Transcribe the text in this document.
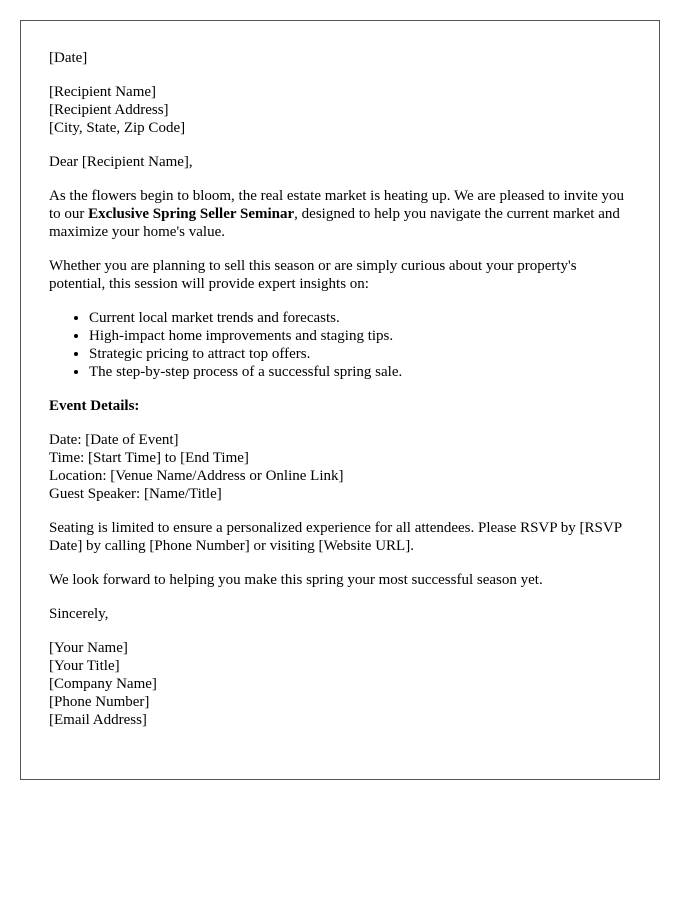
[Date]

[Recipient Name]
[Recipient Address]
[City, State, Zip Code]

Dear [Recipient Name],

As the flowers begin to bloom, the real estate market is heating up. We are pleased to invite you to our Exclusive Spring Seller Seminar, designed to help you navigate the current market and maximize your home's value.

Whether you are planning to sell this season or are simply curious about your property's potential, this session will provide expert insights on:

• Current local market trends and forecasts.
• High-impact home improvements and staging tips.
• Strategic pricing to attract top offers.
• The step-by-step process of a successful spring sale.

Event Details:

Date: [Date of Event]
Time: [Start Time] to [End Time]
Location: [Venue Name/Address or Online Link]
Guest Speaker: [Name/Title]

Seating is limited to ensure a personalized experience for all attendees. Please RSVP by [RSVP Date] by calling [Phone Number] or visiting [Website URL].

We look forward to helping you make this spring your most successful season yet.

Sincerely,

[Your Name]
[Your Title]
[Company Name]
[Phone Number]
[Email Address]
